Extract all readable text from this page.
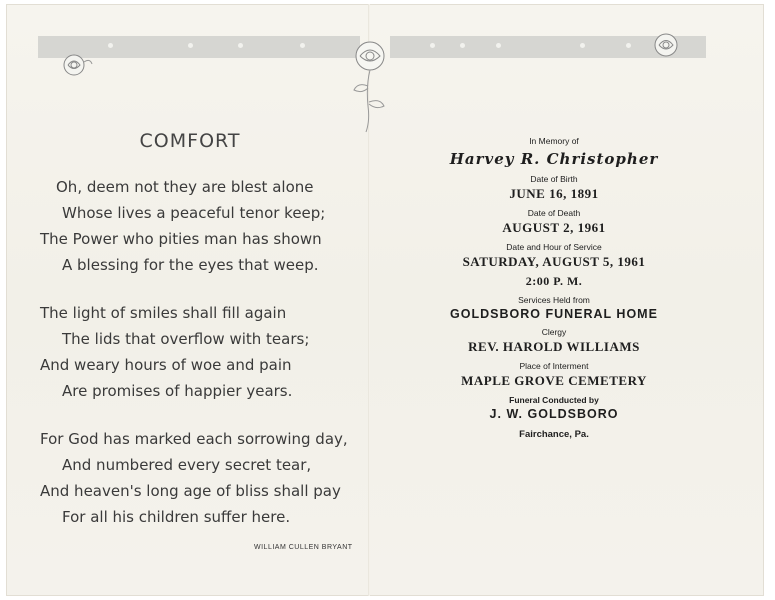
COMFORT
Oh, deem not they are blest alone
Whose lives a peaceful tenor keep;
The Power who pities man has shown
A blessing for the eyes that weep.
The light of smiles shall fill again
The lids that overflow with tears;
And weary hours of woe and pain
Are promises of happier years.
For God has marked each sorrowing day,
And numbered every secret tear,
And heaven's long age of bliss shall pay
For all his children suffer here.
WILLIAM CULLEN BRYANT
In Memory of
Harvey R. Christopher
Date of Birth
JUNE 16, 1891
Date of Death
AUGUST 2, 1961
Date and Hour of Service
SATURDAY, AUGUST 5, 1961
2:00 P. M.
Services Held from
GOLDSBORO FUNERAL HOME
Clergy
REV. HAROLD WILLIAMS
Place of Interment
MAPLE GROVE CEMETERY
Funeral Conducted by
J. W. GOLDSBORO
Fairchance, Pa.
